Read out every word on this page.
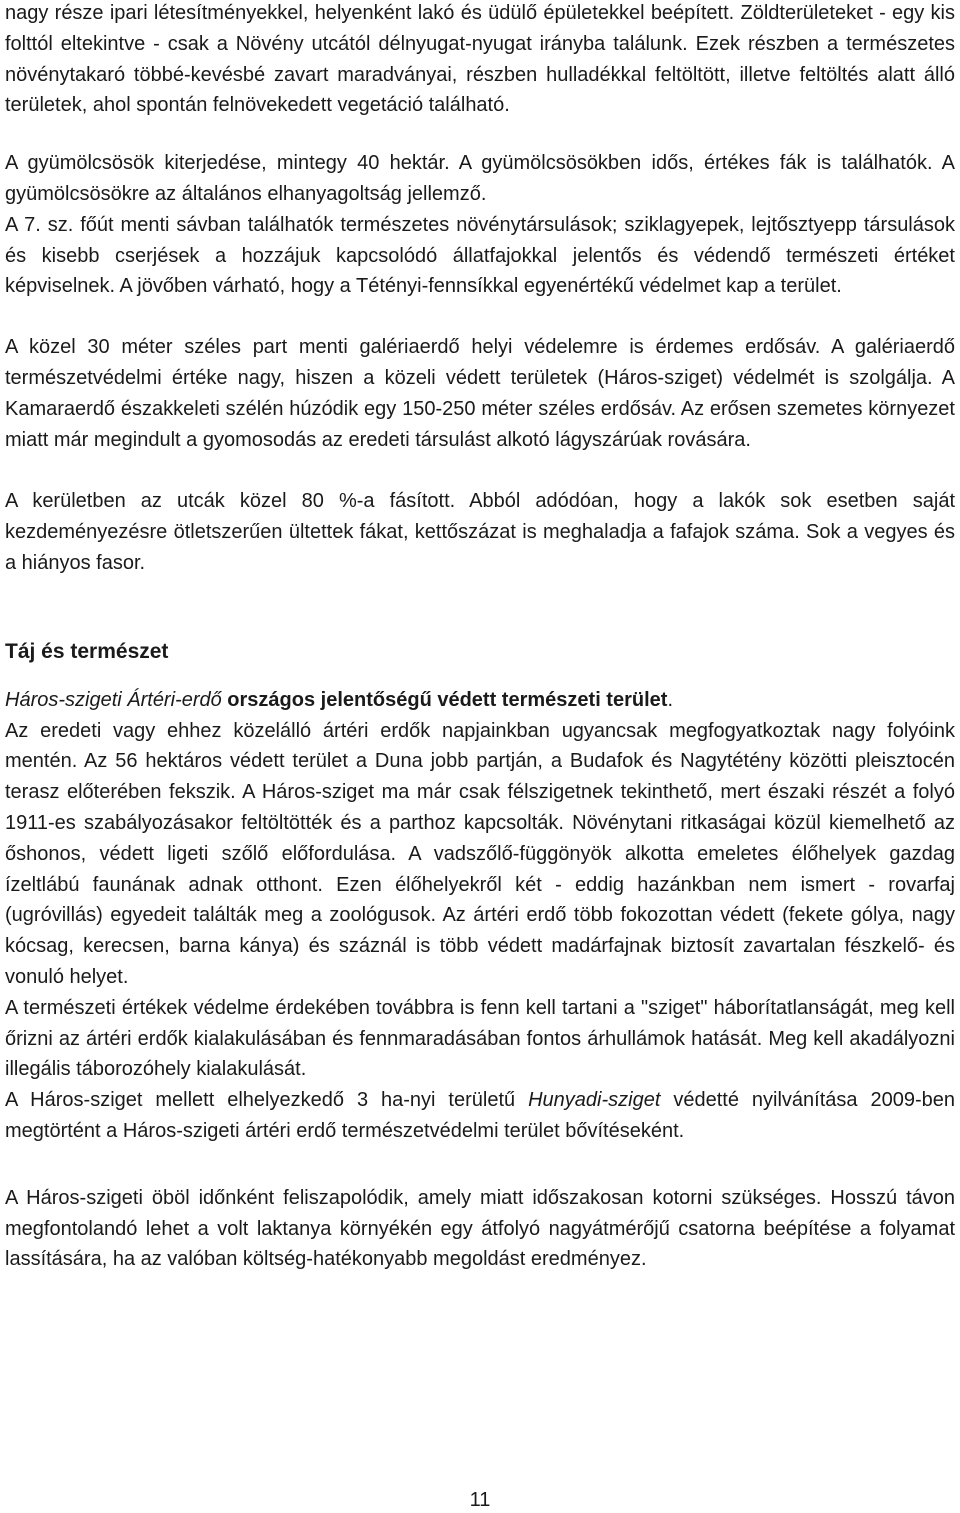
nagy része ipari létesítményekkel, helyenként lakó és üdülő épületekkel beépített. Zöldterületeket - egy kis folttól eltekintve - csak a Növény utcától délnyugat-nyugat irányba találunk. Ezek részben a természetes növénytakaró többé-kevésbé zavart maradványai, részben hulladékkal feltöltött, illetve feltöltés alatt álló területek, ahol spontán felnövekedett vegetáció található.

A gyümölcsösök kiterjedése, mintegy 40 hektár. A gyümölcsösökben idős, értékes fák is találhatók. A gyümölcsösökre az általános elhanyagoltság jellemző.

A 7. sz. főút menti sávban találhatók természetes növénytársulások; sziklagyepek, lejtősztyepp társulások és kisebb cserjések a hozzájuk kapcsolódó állatfajokkal jelentős és védendő természeti értéket képviselnek. A jövőben várható, hogy a Tétényi-fennsíkkal egyenértékű védelmet kap a terület.

A közel 30 méter széles part menti galériaerdő helyi védelemre is érdemes erdősáv. A galériaerdő természetvédelmi értéke nagy, hiszen a közeli védett területek (Háros-sziget) védelmét is szolgálja. A Kamaraerdő északkeleti szélén húzódik egy 150-250 méter széles erdősáv. Az erősen szemetes környezet miatt már megindult a gyomosodás az eredeti társulást alkotó lágyszárúak rovására.

A kerületben az utcák közel 80 %-a fásított. Abból adódóan, hogy a lakók sok esetben saját kezdeményezésre ötletszerűen ültettek fákat, kettőszázat is meghaladja a fafajok száma. Sok a vegyes és a hiányos fasor.

Táj és természet

Háros-szigeti Ártéri-erdő országos jelentőségű védett természeti terület.

Az eredeti vagy ehhez közelálló ártéri erdők napjainkban ugyancsak megfogyatkoztak nagy folyóink mentén. Az 56 hektáros védett terület a Duna jobb partján, a Budafok és Nagytétény közötti pleisztocén terasz előterében fekszik. A Háros-sziget ma már csak félszigetnek tekinthető, mert északi részét a folyó 1911-es szabályozásakor feltöltötték és a parthoz kapcsolták. Növénytani ritkaságai közül kiemelhető az őshonos, védett ligeti szőlő előfordulása. A vadszőlő-függönyök alkotta emeletes élőhelyek gazdag ízeltlábú faunának adnak otthont. Ezen élőhelyekről két - eddig hazánkban nem ismert - rovarfaj (ugróvillás) egyedeit találták meg a zoológusok. Az ártéri erdő több fokozottan védett (fekete gólya, nagy kócsag, kerecsen, barna kánya) és száznál is több védett madárfajnak biztosít zavartalan fészkelő- és vonuló helyet.

A természeti értékek védelme érdekében továbbra is fenn kell tartani a "sziget" háborítatlanságát, meg kell őrizni az ártéri erdők kialakulásában és fennmaradásában fontos árhullámok hatását. Meg kell akadályozni illegális táborozóhely kialakulását.

A Háros-sziget mellett elhelyezkedő 3 ha-nyi területű Hunyadi-sziget védetté nyilvánítása 2009-ben megtörtént a Háros-szigeti ártéri erdő természetvédelmi terület bővítéseként.

A Háros-szigeti öböl időnként feliszapolódik, amely miatt időszakosan kotorni szükséges. Hosszú távon megfontolandó lehet a volt laktanya környékén egy átfolyó nagyátmérőjű csatorna beépítése a folyamat lassítására, ha az valóban költség-hatékonyabb megoldást eredményez.

11
